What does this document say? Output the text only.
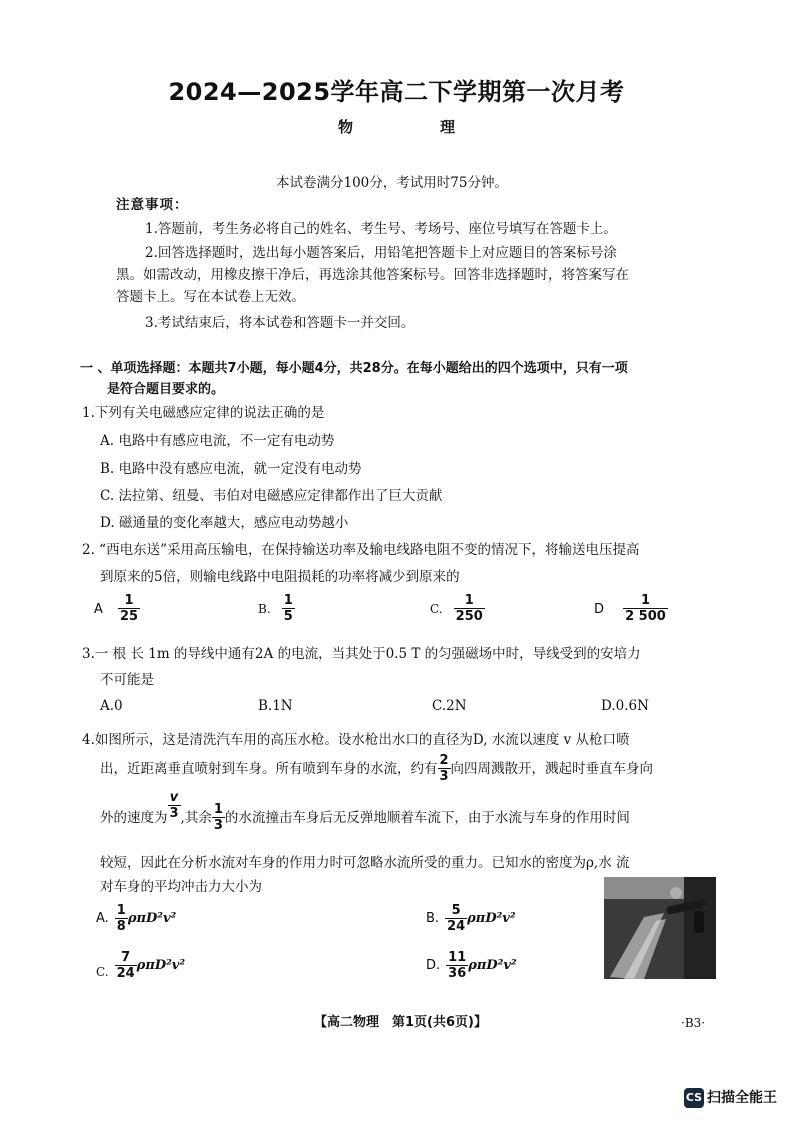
2024—2025学年高二下学期第一次月考
物	理
本试卷满分100分，考试用时75分钟。
注意事项：
1.答题前，考生务必将自己的姓名、考生号、考场号、座位号填写在答题卡上。
2.回答选择题时，选出每小题答案后，用铅笔把答题卡上对应题目的答案标号涂
黑。如需改动，用橡皮擦干净后，再选涂其他答案标号。回答非选择题时，将答案写在
答题卡上。写在本试卷上无效。
3.考试结束后，将本试卷和答题卡一并交回。
一 、单项选择题：本题共7小题，每小题4分，共28分。在每小题给出的四个选项中，只有一项
是符合题目要求的。
1.下列有关电磁感应定律的说法正确的是
A. 电路中有感应电流，不一定有电动势
B. 电路中没有感应电流，就一定没有电动势
C. 法拉第、纽曼、韦伯对电磁感应定律都作出了巨大贡献
D. 磁通量的变化率越大，感应电动势越小
2. “西电东送”采用高压输电，在保持输送功率及输电线路电阻不变的情况下，将输送电压提高
到原来的5倍，则输电线路中电阻损耗的功率将减少到原来的
A $\frac{1}{25}$	B. $\frac{1}{5}$	C. $\frac{1}{250}$	D $\frac{1}{2 500}$
3.一 根 长 1m 的导线中通有2A 的电流，当其处于0.5 T 的匀强磁场中时，导线受到的安培力
不可能是
A.0	B.1N	C.2N	D.0.6N
4.如图所示，这是清洗汽车用的高压水枪。设水枪出水口的直径为D, 水流以速度 v 从枪口喷
出，近距离垂直喷射到车身。所有喷到车身的水流，约有 $\frac{2}{3}$ 向四周溅散开，溅起时垂直车身向
外的速度为 $\frac{v}{3}$ ,其余 $\frac{1}{3}$ 的水流撞击车身后无反弹地顺着车流下，由于水流与车身的作用时间
较短，因此在分析水流对车身的作用力时可忽略水流所受的重力。已知水的密度为ρ,水 流
对车身的平均冲击力大小为
A. $\frac{1}{8} \rho\pi D^2v^2$	B. $\frac{5}{24} \rho\pi D^2v^2$
C. $\frac{7}{24} \rho\pi D^2v^2$	D. $\frac{11}{36} \rho\pi D^2v^2$
【高二物理　第1页(共6页)】	·B3·
CS 扫描全能王
